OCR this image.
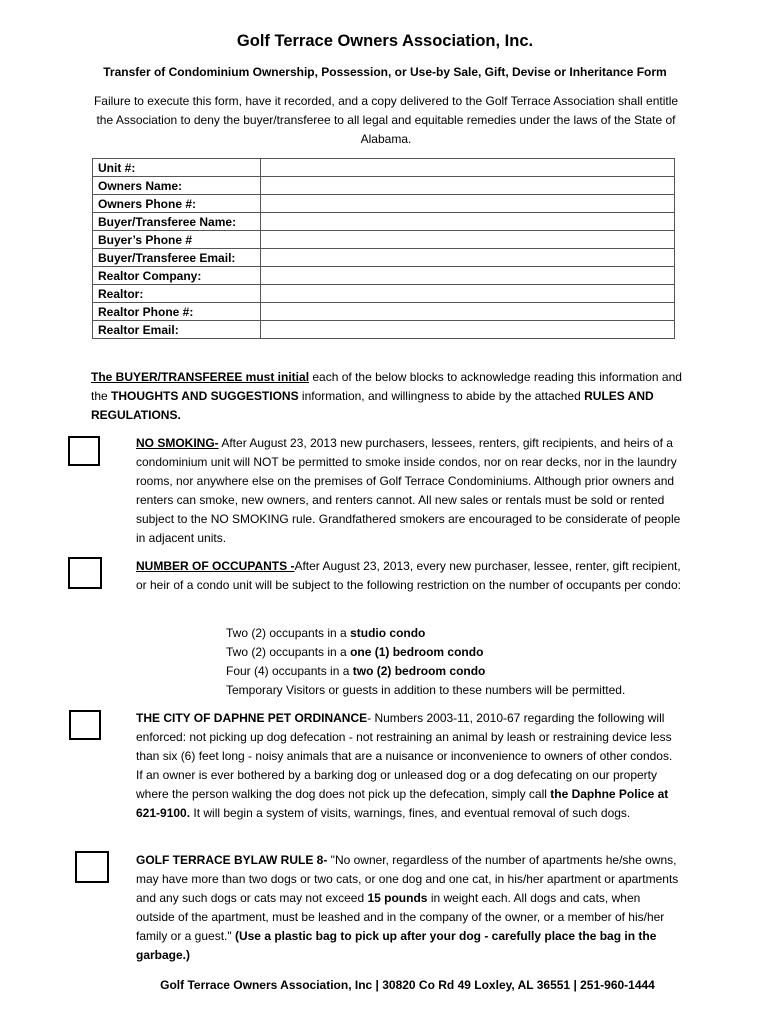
Golf Terrace Owners Association, Inc.
Transfer of Condominium Ownership, Possession, or Use-by Sale, Gift, Devise or Inheritance Form
Failure to execute this form, have it recorded, and a copy delivered to the Golf Terrace Association shall entitle the Association to deny the buyer/transferee to all legal and equitable remedies under the laws of the State of Alabama.
Unit #:	
Owners Name:	
Owners Phone #:	
Buyer/Transferee Name:	
Buyer’s Phone #	
Buyer/Transferee Email:	
Realtor Company:	
Realtor:	
Realtor Phone #:	
Realtor Email:	
The BUYER/TRANSFEREE must initial each of the below blocks to acknowledge reading this information and the THOUGHTS AND SUGGESTIONS information, and willingness to abide by the attached RULES AND REGULATIONS.
NO SMOKING- After August 23, 2013 new purchasers, lessees, renters, gift recipients, and heirs of a condominium unit will NOT be permitted to smoke inside condos, nor on rear decks, nor in the laundry rooms, nor anywhere else on the premises of Golf Terrace Condominiums. Although prior owners and renters can smoke, new owners, and renters cannot. All new sales or rentals must be sold or rented subject to the NO SMOKING rule. Grandfathered smokers are encouraged to be considerate of people in adjacent units.
NUMBER OF OCCUPANTS -After August 23, 2013, every new purchaser, lessee, renter, gift recipient, or heir of a condo unit will be subject to the following restriction on the number of occupants per condo:
Two (2) occupants in a studio condo
Two (2) occupants in a one (1) bedroom condo
Four (4) occupants in a two (2) bedroom condo
Temporary Visitors or guests in addition to these numbers will be permitted.
THE CITY OF DAPHNE PET ORDINANCE- Numbers 2003-11, 2010-67 regarding the following will enforced: not picking up dog defecation - not restraining an animal by leash or restraining device less than six (6) feet long - noisy animals that are a nuisance or inconvenience to owners of other condos. If an owner is ever bothered by a barking dog or unleased dog or a dog defecating on our property where the person walking the dog does not pick up the defecation, simply call the Daphne Police at 621-9100. It will begin a system of visits, warnings, fines, and eventual removal of such dogs.
GOLF TERRACE BYLAW RULE 8- "No owner, regardless of the number of apartments he/she owns, may have more than two dogs or two cats, or one dog and one cat, in his/her apartment or apartments and any such dogs or cats may not exceed 15 pounds in weight each. All dogs and cats, when outside of the apartment, must be leashed and in the company of the owner, or a member of his/her family or a guest." (Use a plastic bag to pick up after your dog - carefully place the bag in the garbage.)
Golf Terrace Owners Association, Inc | 30820 Co Rd 49 Loxley, AL 36551 | 251-960-1444
